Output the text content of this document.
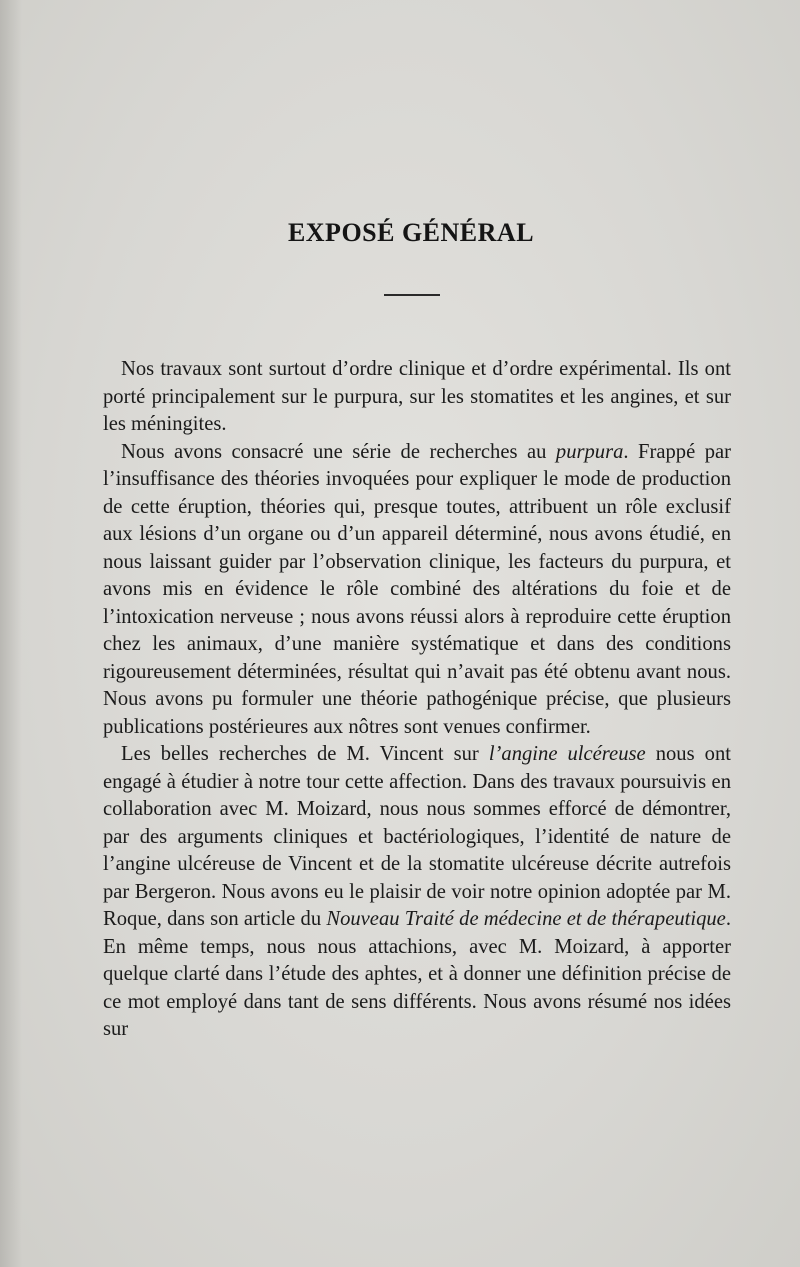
EXPOSÉ GÉNÉRAL

Nos travaux sont surtout d’ordre clinique et d’ordre expérimental. Ils ont porté principalement sur le purpura, sur les stomatites et les angines, et sur les méningites.

Nous avons consacré une série de recherches au purpura. Frappé par l’insuffisance des théories invoquées pour expliquer le mode de production de cette éruption, théories qui, presque toutes, attribuent un rôle exclusif aux lésions d’un organe ou d’un appareil déterminé, nous avons étudié, en nous laissant guider par l’observation clinique, les facteurs du purpura, et avons mis en évidence le rôle combiné des altérations du foie et de l’intoxication nerveuse ; nous avons réussi alors à reproduire cette éruption chez les animaux, d’une manière systématique et dans des conditions rigoureusement déterminées, résultat qui n’avait pas été obtenu avant nous. Nous avons pu formuler une théorie pathogénique précise, que plusieurs publications postérieures aux nôtres sont venues confirmer.

Les belles recherches de M. Vincent sur l’angine ulcéreuse nous ont engagé à étudier à notre tour cette affection. Dans des travaux poursuivis en collaboration avec M. Moizard, nous nous sommes efforcé de démontrer, par des arguments cliniques et bactériologiques, l’identité de nature de l’angine ulcéreuse de Vincent et de la stomatite ulcéreuse décrite autrefois par Bergeron. Nous avons eu le plaisir de voir notre opinion adoptée par M. Roque, dans son article du Nouveau Traité de médecine et de thérapeutique. En même temps, nous nous attachions, avec M. Moizard, à apporter quelque clarté dans l’étude des aphtes, et à donner une définition précise de ce mot employé dans tant de sens différents. Nous avons résumé nos idées sur
